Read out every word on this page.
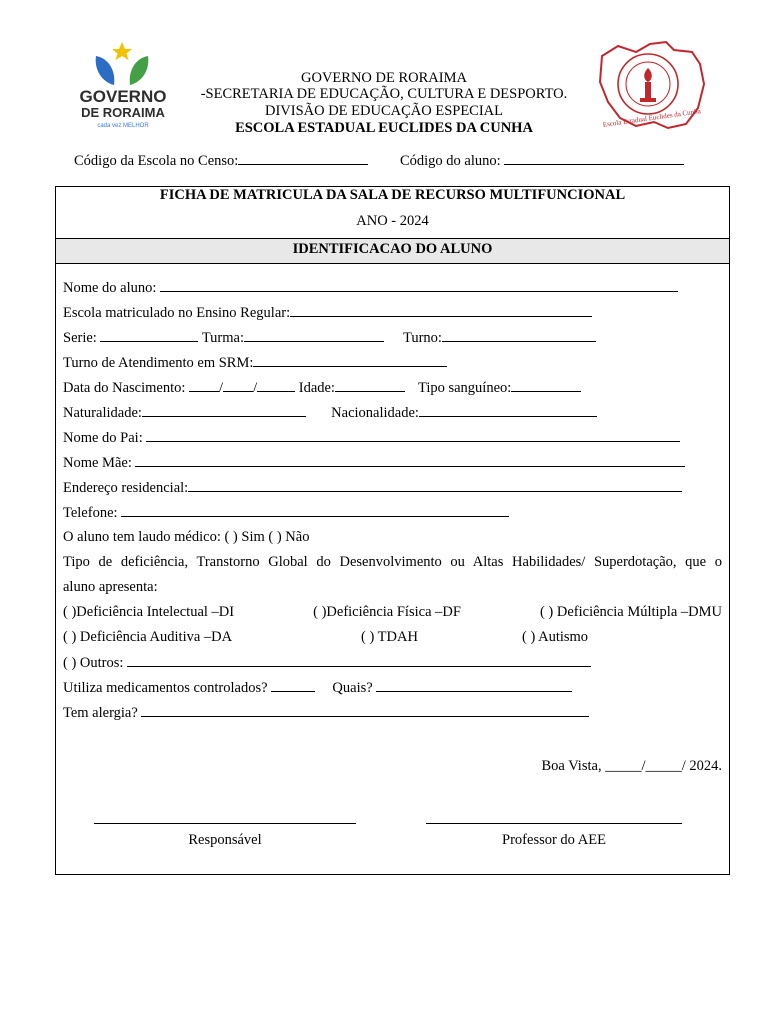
GOVERNO
DE RORAIMA
cada vez MELHOR
GOVERNO DE RORAIMA
-SECRETARIA DE EDUCAÇÃO, CULTURA E DESPORTO.
DIVISÃO DE EDUCAÇÃO ESPECIAL
ESCOLA ESTADUAL EUCLIDES DA CUNHA	Escola Estadual Euclides da Cunha
Código da Escola no Censo:	Código do aluno:
FICHA DE MATRICULA DA SALA DE RECURSO MULTIFUNCIONAL
ANO - 2024
IDENTIFICACAO DO ALUNO
Nome do aluno:
Escola matriculado no Ensino Regular:
Serie:	Turma:	Turno:
Turno de Atendimento em SRM:
Data do Nascimento: / /	Idade:	Tipo sanguíneo:
Naturalidade:	Nacionalidade:
Nome do Pai:
Nome Mãe:
Endereço residencial:
Telefone:
O aluno tem laudo médico: ( ) Sim ( ) Não
Tipo de deficiência, Transtorno Global do Desenvolvimento ou Altas Habilidades/ Superdotação, que o
aluno apresenta:
( )Deficiência Intelectual –DI	( )Deficiência Física –DF	( ) Deficiência Múltipla –DMU
( ) Deficiência Auditiva –DA	( ) TDAH	( ) Autismo
( ) Outros:
Utiliza medicamentos controlados?	Quais?
Tem alergia?
Boa Vista, _____/_____/ 2024.
Responsável	Professor do AEE
